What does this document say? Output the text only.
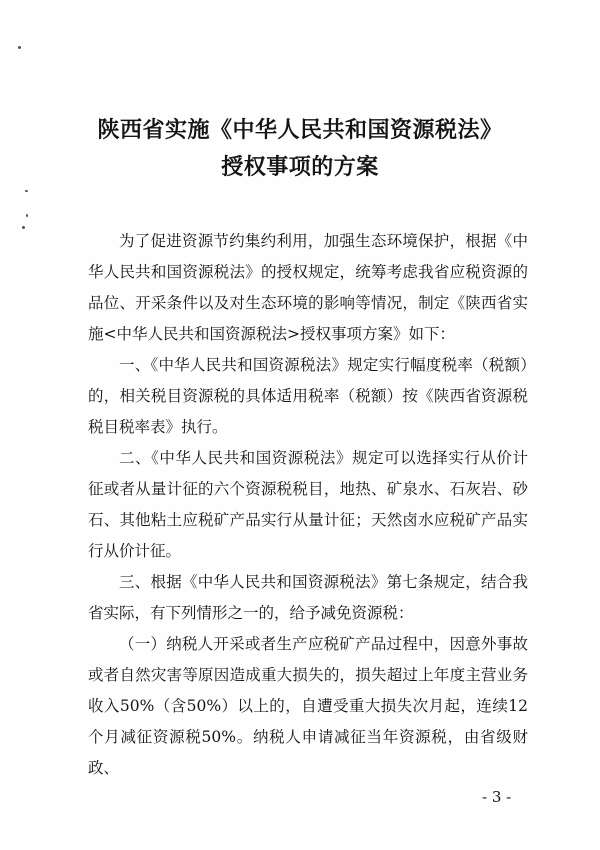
陕西省实施《中华人民共和国资源税法》
授权事项的方案

为了促进资源节约集约利用，加强生态环境保护，根据《中华人民共和国资源税法》的授权规定，统筹考虑我省应税资源的品位、开采条件以及对生态环境的影响等情况，制定《陕西省实施<中华人民共和国资源税法>授权事项方案》如下：

一、《中华人民共和国资源税法》规定实行幅度税率（税额）的，相关税目资源税的具体适用税率（税额）按《陕西省资源税税目税率表》执行。

二、《中华人民共和国资源税法》规定可以选择实行从价计征或者从量计征的六个资源税税目，地热、矿泉水、石灰岩、砂石、其他粘土应税矿产品实行从量计征；天然卤水应税矿产品实行从价计征。

三、根据《中华人民共和国资源税法》第七条规定，结合我省实际，有下列情形之一的，给予减免资源税：

（一）纳税人开采或者生产应税矿产品过程中，因意外事故或者自然灾害等原因造成重大损失的，损失超过上年度主营业务收入50%（含50%）以上的，自遭受重大损失次月起，连续12个月减征资源税50%。纳税人申请减征当年资源税，由省级财政、

- 3 -
